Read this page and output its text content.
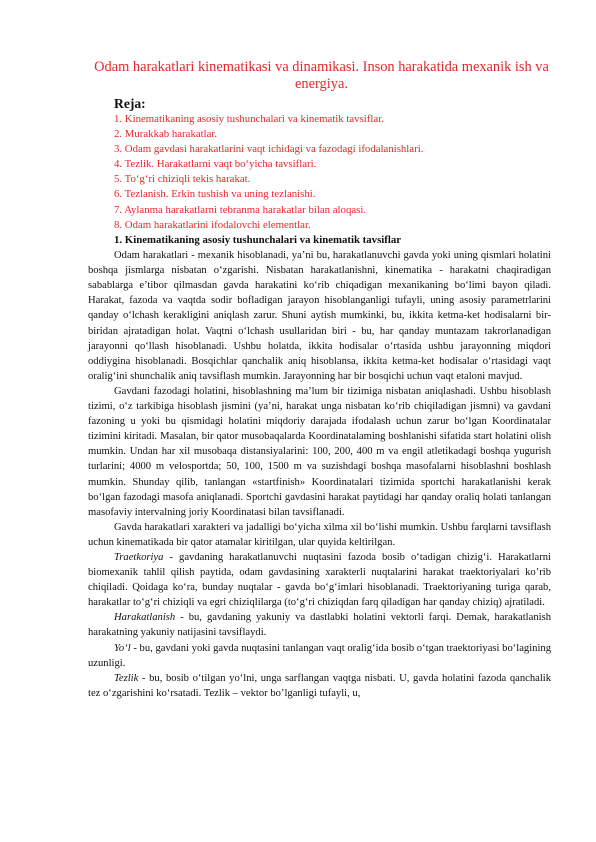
Odam harakatlari kinematikasi va dinamikasi. Inson harakatida mexanik ish va energiya.
Reja:
1. Kinematikaning asosiy tushunchalari va kinematik tavsiflar.
2. Murakkab harakatlar.
3. Odam gavdasi harakatlarini vaqt ichidagi va fazodagi ifodalanishlari.
4. Tezlik. Harakatlarni vaqt bo‘yicha tavsiflari.
5. To‘g‘ri chiziqli tekis harakat.
6. Tezlanish. Erkin tushish va uning tezlanishi.
7. Aylanma harakatlarni tebranma harakatlar bilan aloqasi.
8. Odam harakatlarini ifodalovchi elementlar.

1. Kinematikaning asosiy tushunchalari va kinematik tavsiflar

Odam harakatlari - mexanik hisoblanadi, ya’ni bu, harakatlanuvchi gavda yoki uning qismlari holatini boshqa jismlarga nisbatan o‘zgarishi. Nisbatan harakatlanishni, kinematika - harakatni chaqiradigan sabablarga e’tibor qilmasdan gavda harakatini ko‘rib chiqadigan mexanikaning bo‘limi bayon qiladi. Harakat, fazoda va vaqtda sodir bofladigan jarayon hisoblanganligi tufayli, uning asosiy parametrlarini qanday o‘lchash kerakligini aniqlash zarur. Shuni aytish mumkinki, bu, ikkita ketma-ket hodisalarni bir-biridan ajratadigan holat. Vaqtni o‘lchash usullaridan biri - bu, har qanday muntazam takrorlanadigan jarayonni qo‘llash hisoblanadi. Ushbu holatda, ikkita hodisalar o‘rtasida ushbu jarayonning miqdori oddiygina hisoblanadi. Bosqichlar qanchalik aniq hisoblansa, ikkita ketma-ket hodisalar o‘rtasidagi vaqt oralig‘ini shunchalik aniq tavsiflash mumkin. Jarayonning har bir bosqichi uchun vaqt etaloni mavjud.

Gavdani fazodagi holatini, hisoblashning ma’lum bir tizimiga nisbatan aniqlashadi. Ushbu hisoblash tizimi, o‘z tarkibiga hisoblash jismini (ya’ni, harakat unga nisbatan ko‘rib chiqiladigan jismni) va gavdani fazoning u yoki bu qismidagi holatini miqdoriy darajada ifodalash uchun zarur bo‘lgan Koordinatalar tizimini kiritadi. Masalan, bir qator musobaqalarda Koordinatalaming boshlanishi sifatida start holatini olish mumkin. Undan har xil musobaqa distansiyalarini: 100, 200, 400 m va engil atletikadagi boshqa yugurish turlarini; 4000 m velosportda; 50, 100, 1500 m va suzishdagi boshqa masofalarni hisoblashni boshlash mumkin. Shunday qilib, tanlangan «startfinish» Koordinatalari tizimida sportchi harakatlanishi kerak bo‘lgan fazodagi masofa aniqlanadi. Sportchi gavdasini harakat paytidagi har qanday oraliq holati tanlangan masofaviy intervalning joriy Koordinatasi bilan tavsiflanadi.

Gavda harakatlari xarakteri va jadalligi bo‘yicha xilma xil bo‘lishi mumkin. Ushbu farqlarni tavsiflash uchun kinematikada bir qator atamalar kiritilgan, ular quyida keltirilgan.

Traetkoriya - gavdaning harakatlanuvchi nuqtasini fazoda bosib o‘tadigan chizig‘i. Harakatlarni biomexanik tahlil qilish paytida, odam gavdasining xarakterli nuqtalarini harakat traektoriyalari ko’rib chiqiladi. Qoidaga ko‘ra, bunday nuqtalar - gavda bo‘g‘imlari hisoblanadi. Traektoriyaning turiga qarab, harakatlar to‘g‘ri chiziqli va egri chiziqlilarga (to‘g‘ri chiziqdan farq qiladigan har qanday chiziq) ajratiladi.

Harakatlanish - bu, gavdaning yakuniy va dastlabki holatini vektorli farqi. Demak, harakatlanish harakatning yakuniy natijasini tavsiflaydi.

Yo‘l - bu, gavdani yoki gavda nuqtasini tanlangan vaqt oralig‘ida bosib o‘tgan traektoriyasi bo‘lagining uzunligi.

Tezlik - bu, bosib o‘tilgan yo‘lni, unga sarflangan vaqtga nisbati. U, gavda holatini fazoda qanchalik tez o‘zgarishini ko‘rsatadi. Tezlik – vektor bo’lganligi tufayli, u,
